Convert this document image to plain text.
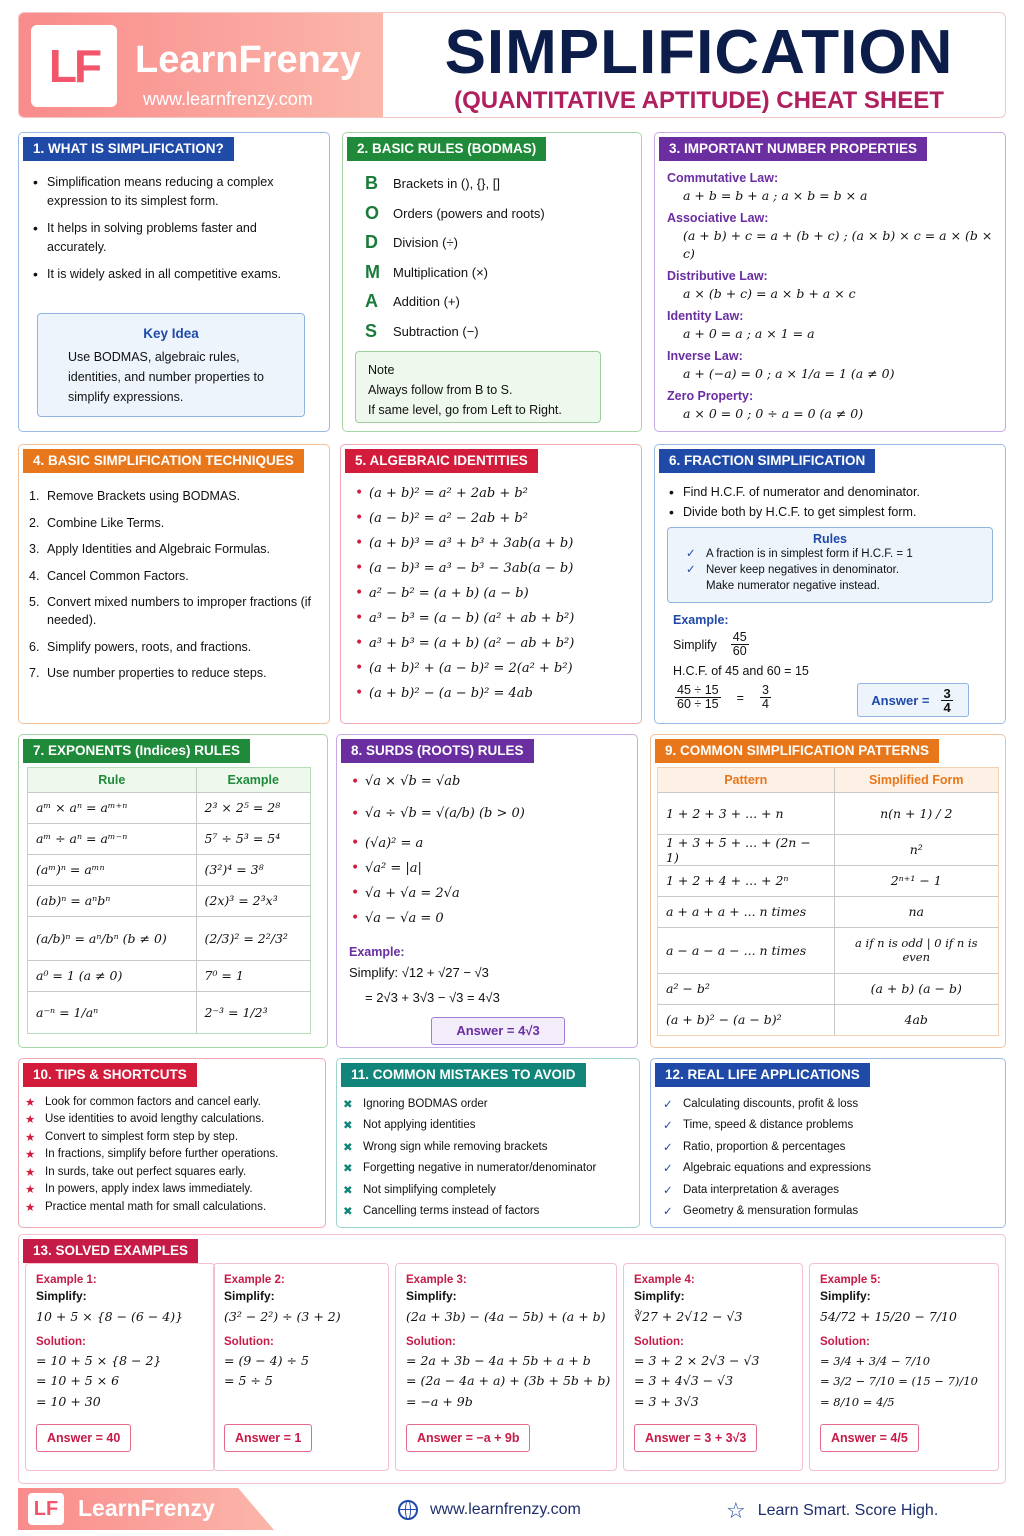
LF LearnFrenzy
www.learnfrenzy.com
SIMPLIFICATION
(QUANTITATIVE APTITUDE) CHEAT SHEET
1. WHAT IS SIMPLIFICATION?
• Simplification means reducing a complex expression to its simplest form.
• It helps in solving problems faster and accurately.
• It is widely asked in all competitive exams.
Key Idea
Use BODMAS, algebraic rules, identities, and number properties to simplify expressions.
2. BASIC RULES (BODMAS)
B	Brackets in (), {}, []
O	Orders (powers and roots)
D	Division (÷)
M	Multiplication (×)
A	Addition (+)
S	Subtraction (−)
Note
Always follow from B to S.
If same level, go from Left to Right.
3. IMPORTANT NUMBER PROPERTIES
Commutative Law:
a + b = b + a ; a × b = b × a
Associative Law:
(a + b) + c = a + (b + c) ; (a × b) × c = a × (b × c)
Distributive Law:
a × (b + c) = a × b + a × c
Identity Law:
a + 0 = a ; a × 1 = a
Inverse Law:
a + (−a) = 0 ; a × 1/a = 1 (a ≠ 0)
Zero Property:
a × 0 = 0 ; 0 ÷ a = 0 (a ≠ 0)
4. BASIC SIMPLIFICATION TECHNIQUES
1. Remove Brackets using BODMAS.
2. Combine Like Terms.
3. Apply Identities and Algebraic Formulas.
4. Cancel Common Factors.
5. Convert mixed numbers to improper fractions (if needed).
6. Simplify powers, roots, and fractions.
7. Use number properties to reduce steps.
5. ALGEBRAIC IDENTITIES
• (a + b)² = a² + 2ab + b²
• (a − b)² = a² − 2ab + b²
• (a + b)³ = a³ + b³ + 3ab(a + b)
• (a − b)³ = a³ − b³ − 3ab(a − b)
• a² − b² = (a + b) (a − b)
• a³ − b³ = (a − b) (a² + ab + b²)
• a³ + b³ = (a + b) (a² − ab + b²)
• (a + b)² + (a − b)² = 2(a² + b²)
• (a + b)² − (a − b)² = 4ab
6. FRACTION SIMPLIFICATION
• Find H.C.F. of numerator and denominator.
• Divide both by H.C.F. to get simplest form.
Rules
✓ A fraction is in simplest form if H.C.F. = 1
✓ Never keep negatives in denominator.
Make numerator negative instead.
Example:
Simplify $\frac{45}{60}$
H.C.F. of 45 and 60 = 15
$\frac{45 \div 15}{60 \div 15} = \frac{3}{4}$	Answer = $\frac{3}{4}$
7. EXPONENTS (Indices) RULES
Rule	Example
aᵐ × aⁿ = aᵐ⁺ⁿ	2³ × 2⁵ = 2⁸
aᵐ ÷ aⁿ = aᵐ⁻ⁿ	5⁷ ÷ 5³ = 5⁴
(aᵐ)ⁿ = aᵐⁿ	(3²)⁴ = 3⁸
(ab)ⁿ = aⁿbⁿ	(2x)³ = 2³x³
(a/b)ⁿ = aⁿ/bⁿ (b ≠ 0)	(2/3)² = 2²/3²
a⁰ = 1 (a ≠ 0)	7⁰ = 1
a⁻ⁿ = 1/aⁿ	2⁻³ = 1/2³
8. SURDS (ROOTS) RULES
• √a × √b = √ab
• √a ÷ √b = √(a/b) (b > 0)
• (√a)² = a
• √a² = |a|
• √a + √a = 2√a
• √a − √a = 0
Example:
Simplify: √12 + √27 − √3
= 2√3 + 3√3 − √3 = 4√3
Answer = 4√3
9. COMMON SIMPLIFICATION PATTERNS
Pattern	Simplified Form
1 + 2 + 3 + ... + n	n(n + 1) / 2
1 + 3 + 5 + ... + (2n − 1)	n²
1 + 2 + 4 + ... + 2ⁿ	2ⁿ⁺¹ − 1
a + a + a + ... n times	na
a − a − a − ... n times	a if n is odd | 0 if n is even
a² − b²	(a + b) (a − b)
(a + b)² − (a − b)²	4ab
10. TIPS & SHORTCUTS
★ Look for common factors and cancel early.
★ Use identities to avoid lengthy calculations.
★ Convert to simplest form step by step.
★ In fractions, simplify before further operations.
★ In surds, take out perfect squares early.
★ In powers, apply index laws immediately.
★ Practice mental math for small calculations.
11. COMMON MISTAKES TO AVOID
✖ Ignoring BODMAS order
✖ Not applying identities
✖ Wrong sign while removing brackets
✖ Forgetting negative in numerator/denominator
✖ Not simplifying completely
✖ Cancelling terms instead of factors
12. REAL LIFE APPLICATIONS
✓ Calculating discounts, profit & loss
✓ Time, speed & distance problems
✓ Ratio, proportion & percentages
✓ Algebraic equations and expressions
✓ Data interpretation & averages
✓ Geometry & mensuration formulas
13. SOLVED EXAMPLES
Example 1:
Simplify:
10 + 5 × {8 − (6 − 4)}
Solution:
= 10 + 5 × {8 − 2}
= 10 + 5 × 6
= 10 + 30
Answer = 40
Example 2:
Simplify:
(3² − 2²) ÷ (3 + 2)
Solution:
= (9 − 4) ÷ 5
= 5 ÷ 5
Answer = 1
Example 3:
Simplify:
(2a + 3b) − (4a − 5b) + (a + b)
Solution:
= 2a + 3b − 4a + 5b + a + b
= (2a − 4a + a) + (3b + 5b + b)
= −a + 9b
Answer = −a + 9b
Example 4:
Simplify:
∛27 + 2√12 − √3
Solution:
= 3 + 2 × 2√3 − √3
= 3 + 4√3 − √3
= 3 + 3√3
Answer = 3 + 3√3
Example 5:
Simplify:
54/72 + 15/20 − 7/10
Solution:
= 3/4 + 3/4 − 7/10
= 3/2 − 7/10 = (15 − 7)/10
= 8/10 = 4/5
Answer = 4/5
LF LearnFrenzy	www.learnfrenzy.com	☆ Learn Smart. Score High.
